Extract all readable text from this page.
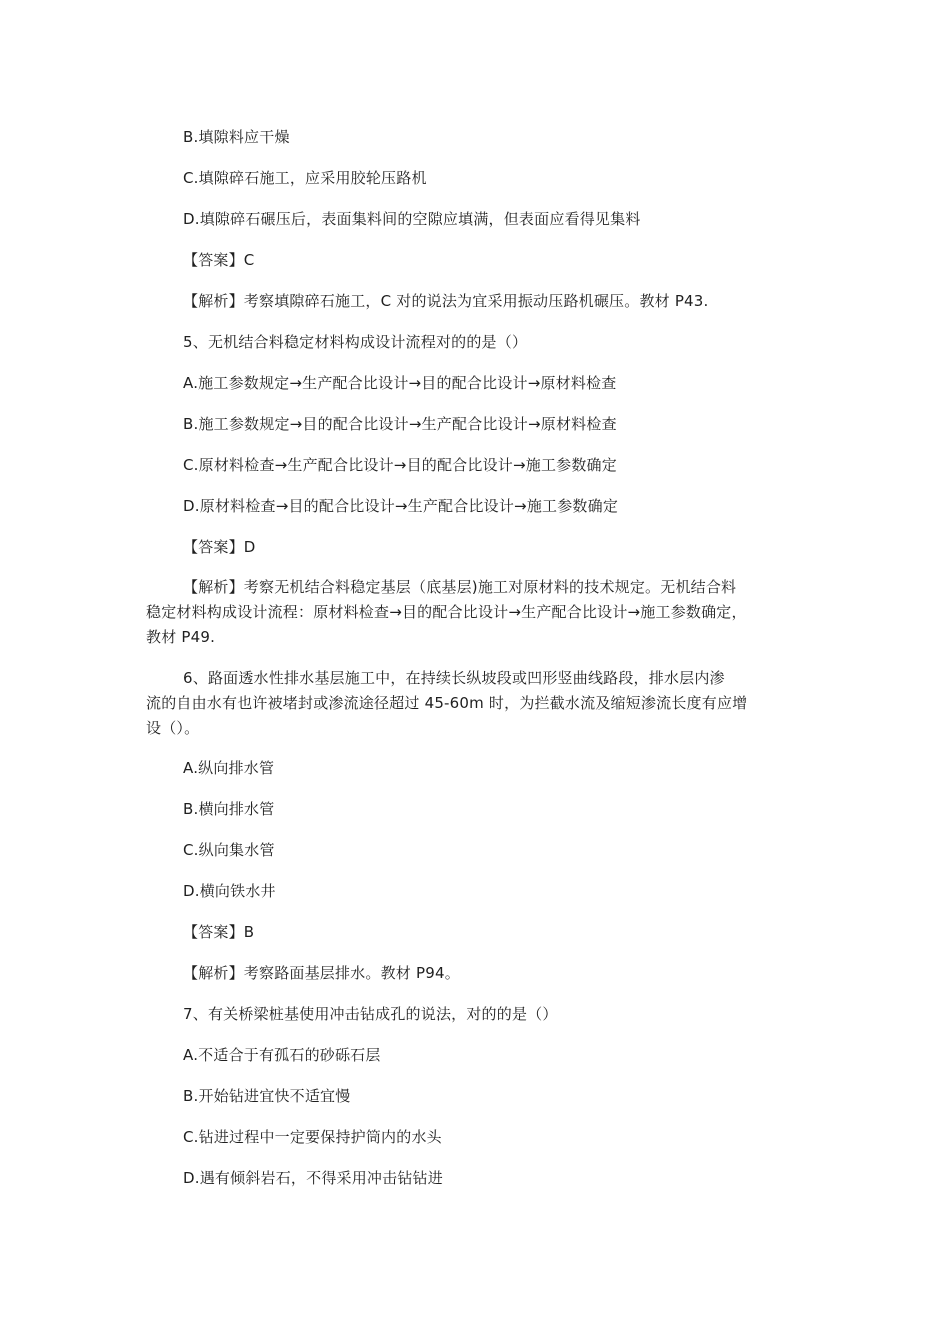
B.填隙料应干燥
C.填隙碎石施工，应采用胶轮压路机
D.填隙碎石碾压后，表面集料间的空隙应填满，但表面应看得见集料
【答案】C
【解析】考察填隙碎石施工，C 对的说法为宜采用振动压路机碾压。教材 P43.
5、无机结合料稳定材料构成设计流程对的的是（）
A.施工参数规定→生产配合比设计→目的配合比设计→原材料检查
B.施工参数规定→目的配合比设计→生产配合比设计→原材料检查
C.原材料检查→生产配合比设计→目的配合比设计→施工参数确定
D.原材料检查→目的配合比设计→生产配合比设计→施工参数确定
【答案】D
【解析】考察无机结合料稳定基层（底基层)施工对原材料的技术规定。无机结合料
稳定材料构成设计流程：原材料检查→目的配合比设计→生产配合比设计→施工参数确定，
教材 P49.
6、路面透水性排水基层施工中，在持续长纵坡段或凹形竖曲线路段，排水层内渗
流的自由水有也许被堵封或渗流途径超过 45-60m 时，为拦截水流及缩短渗流长度有应增
设（）。
A.纵向排水管
B.横向排水管
C.纵向集水管
D.横向铁水井
【答案】B
【解析】考察路面基层排水。教材 P94。
7、有关桥梁桩基使用冲击钻成孔的说法，对的的是（）
A.不适合于有孤石的砂砾石层
B.开始钻进宜快不适宜慢
C.钻进过程中一定要保持护筒内的水头
D.遇有倾斜岩石，不得采用冲击钻钻进
